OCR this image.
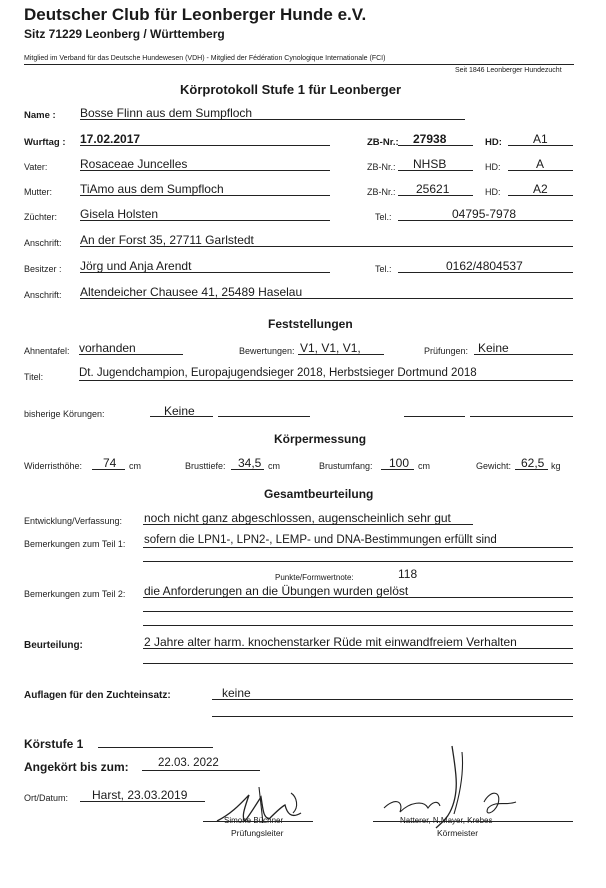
Deutscher Club für Leonberger Hunde e.V.
Sitz 71229 Leonberg / Württemberg
Mitglied im Verband für das Deutsche Hundewesen (VDH) - Mitglied der Fédération Cynologique Internationale (FCI)
Seit 1846 Leonberger Hundezucht
Körprotokoll Stufe 1 für Leonberger
Name : Bosse Flinn aus dem Sumpfloch
Wurftag : 17.02.2017	ZB-Nr.: 27938	HD:	A1
Vater:	Rosaceae Juncelles	ZB-Nr.: NHSB	HD:	A
Mutter: TiAmo aus dem Sumpfloch	ZB-Nr.: 25621	HD:	A2
Züchter: Gisela Holsten	Tel.:	04795-7978
Anschrift: An der Forst 35, 27711 Garlstedt
Besitzer : Jörg und Anja Arendt	Tel.:	0162/4804537
Anschrift: Altendeicher Chausee 41, 25489 Haselau
Feststellungen
Ahnentafel: vorhanden	Bewertungen: V1, V1, V1,	Prüfungen: Keine
Titel:	Dt. Jugendchampion, Europajugendsieger 2018, Herbstsieger Dortmund 2018
bisherige Körungen:	Keine
Körpermessung
Widerristhöhe: 74 cm	Brusttiefe: 34,5 cm	Brustumfang: 100 cm	Gewicht: 62,5 kg
Gesamtbeurteilung
Entwicklung/Verfassung: noch nicht ganz abgeschlossen, augenscheinlich sehr gut
Bemerkungen zum Teil 1: sofern die LPN1-, LPN2-, LEMP- und DNA-Bestimmungen erfüllt sind
Punkte/Formwertnote:	118
Bemerkungen zum Teil 2: die Anforderungen an die Übungen wurden gelöst
Beurteilung:	2 Jahre alter harm. knochenstarker Rüde mit einwandfreiem Verhalten
Auflagen für den Zuchteinsatz:	keine
Körstufe 1
Angekört bis zum:	22.03. 2022
Ort/Datum: Harst, 23.03.2019
Simone Büchner
Prüfungsleiter
Natterer, N.Mayer, Krebes
Körmeister
